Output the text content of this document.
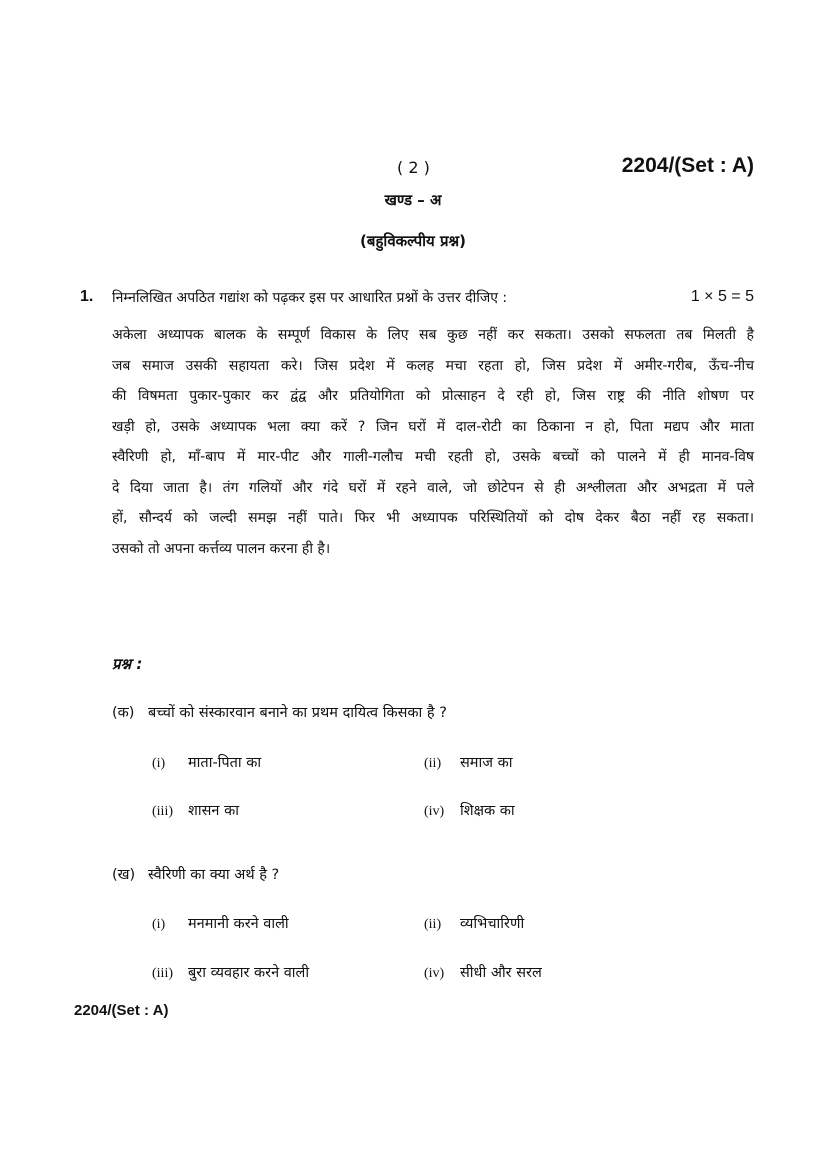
( 2 )	2204/(Set : A)
खण्ड – अ
(बहुविकल्पीय प्रश्न)
1. निम्नलिखित अपठित गद्यांश को पढ़कर इस पर आधारित प्रश्नों के उत्तर दीजिए :	1 × 5 = 5
अकेला अध्यापक बालक के सम्पूर्ण विकास के लिए सब कुछ नहीं कर सकता। उसको सफलता तब मिलती है
जब समाज उसकी सहायता करे। जिस प्रदेश में कलह मचा रहता हो, जिस प्रदेश में अमीर-गरीब, ऊँच-नीच
की विषमता पुकार-पुकार कर द्वंद्व और प्रतियोगिता को प्रोत्साहन दे रही हो, जिस राष्ट्र की नीति शोषण पर
खड़ी हो, उसके अध्यापक भला क्या करें ? जिन घरों में दाल-रोटी का ठिकाना न हो, पिता मद्यप और माता
स्वैरिणी हो, माँ-बाप में मार-पीट और गाली-गलौच मची रहती हो, उसके बच्चों को पालने में ही मानव-विष
दे दिया जाता है। तंग गलियों और गंदे घरों में रहने वाले, जो छोटेपन से ही अश्लीलता और अभद्रता में पले
हों, सौन्दर्य को जल्दी समझ नहीं पाते। फिर भी अध्यापक परिस्थितियों को दोष देकर बैठा नहीं रह सकता।
उसको तो अपना कर्त्तव्य पालन करना ही है।
प्रश्न :
(क) बच्चों को संस्कारवान बनाने का प्रथम दायित्व किसका है ?
(i) माता-पिता का	(ii) समाज का
(iii) शासन का	(iv) शिक्षक का
(ख) स्वैरिणी का क्या अर्थ है ?
(i) मनमानी करने वाली	(ii) व्यभिचारिणी
(iii) बुरा व्यवहार करने वाली	(iv) सीधी और सरल
2204/(Set : A)
